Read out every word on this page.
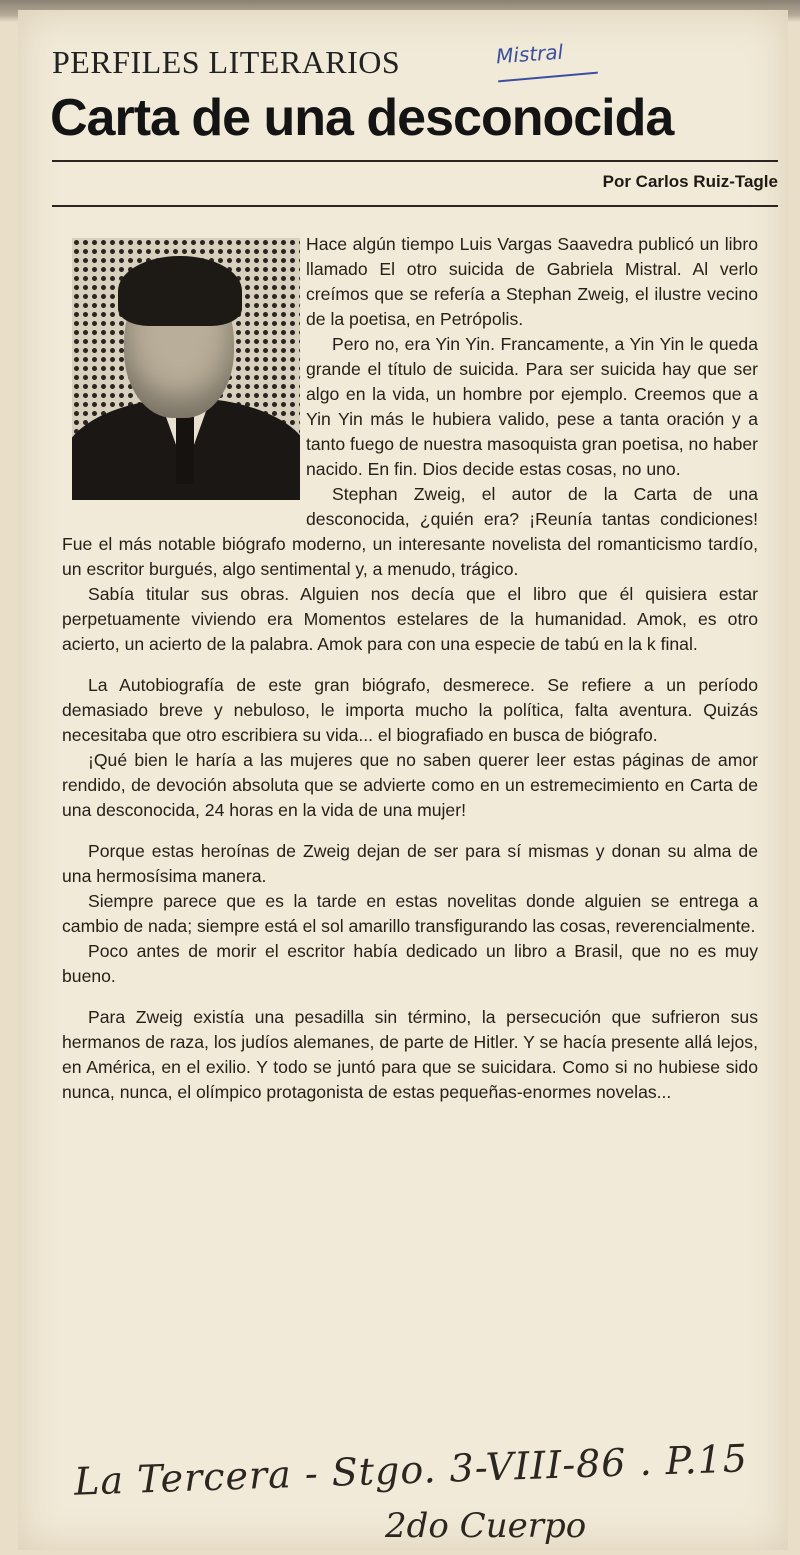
PERFILES LITERARIOS	Mistral
Carta de una desconocida
Por Carlos Ruiz-Tagle

Hace algún tiempo Luis Vargas Saavedra publicó un libro llamado El otro suicida de Gabriela Mistral. Al verlo creímos que se refería a Stephan Zweig, el ilustre vecino de la poetisa, en Petrópolis.

Pero no, era Yin Yin. Francamente, a Yin Yin le queda grande el título de suicida. Para ser suicida hay que ser algo en la vida, un hombre por ejemplo. Creemos que a Yin Yin más le hubiera valido, pese a tanta oración y a tanto fuego de nuestra masoquista gran poetisa, no haber nacido. En fin. Dios decide estas cosas, no uno.

Stephan Zweig, el autor de la Carta de una desconocida, ¿quién era? ¡Reunía tantas condiciones! Fue el más notable biógrafo moderno, un interesante novelista del romanticismo tardío, un escritor burgués, algo sentimental y, a menudo, trágico.

Sabía titular sus obras. Alguien nos decía que el libro que él quisiera estar perpetuamente viviendo era Momentos estelares de la humanidad. Amok, es otro acierto, un acierto de la palabra. Amok para con una especie de tabú en la k final.

La Autobiografía de este gran biógrafo, desmerece. Se refiere a un período demasiado breve y nebuloso, le importa mucho la política, falta aventura. Quizás necesitaba que otro escribiera su vida... el biografiado en busca de biógrafo.

¡Qué bien le haría a las mujeres que no saben querer leer estas páginas de amor rendido, de devoción absoluta que se advierte como en un estremecimiento en Carta de una desconocida, 24 horas en la vida de una mujer!

Porque estas heroínas de Zweig dejan de ser para sí mismas y donan su alma de una hermosísima manera.

Siempre parece que es la tarde en estas novelitas donde alguien se entrega a cambio de nada; siempre está el sol amarillo transfigurando las cosas, reverencialmente.

Poco antes de morir el escritor había dedicado un libro a Brasil, que no es muy bueno.

Para Zweig existía una pesadilla sin término, la persecución que sufrieron sus hermanos de raza, los judíos alemanes, de parte de Hitler. Y se hacía presente allá lejos, en América, en el exilio. Y todo se juntó para que se suicidara. Como si no hubiese sido nunca, nunca, el olímpico protagonista de estas pequeñas-enormes novelas...

La Tercera - Stgo. 3-VIII-86 . P.15
2do Cuerpo
